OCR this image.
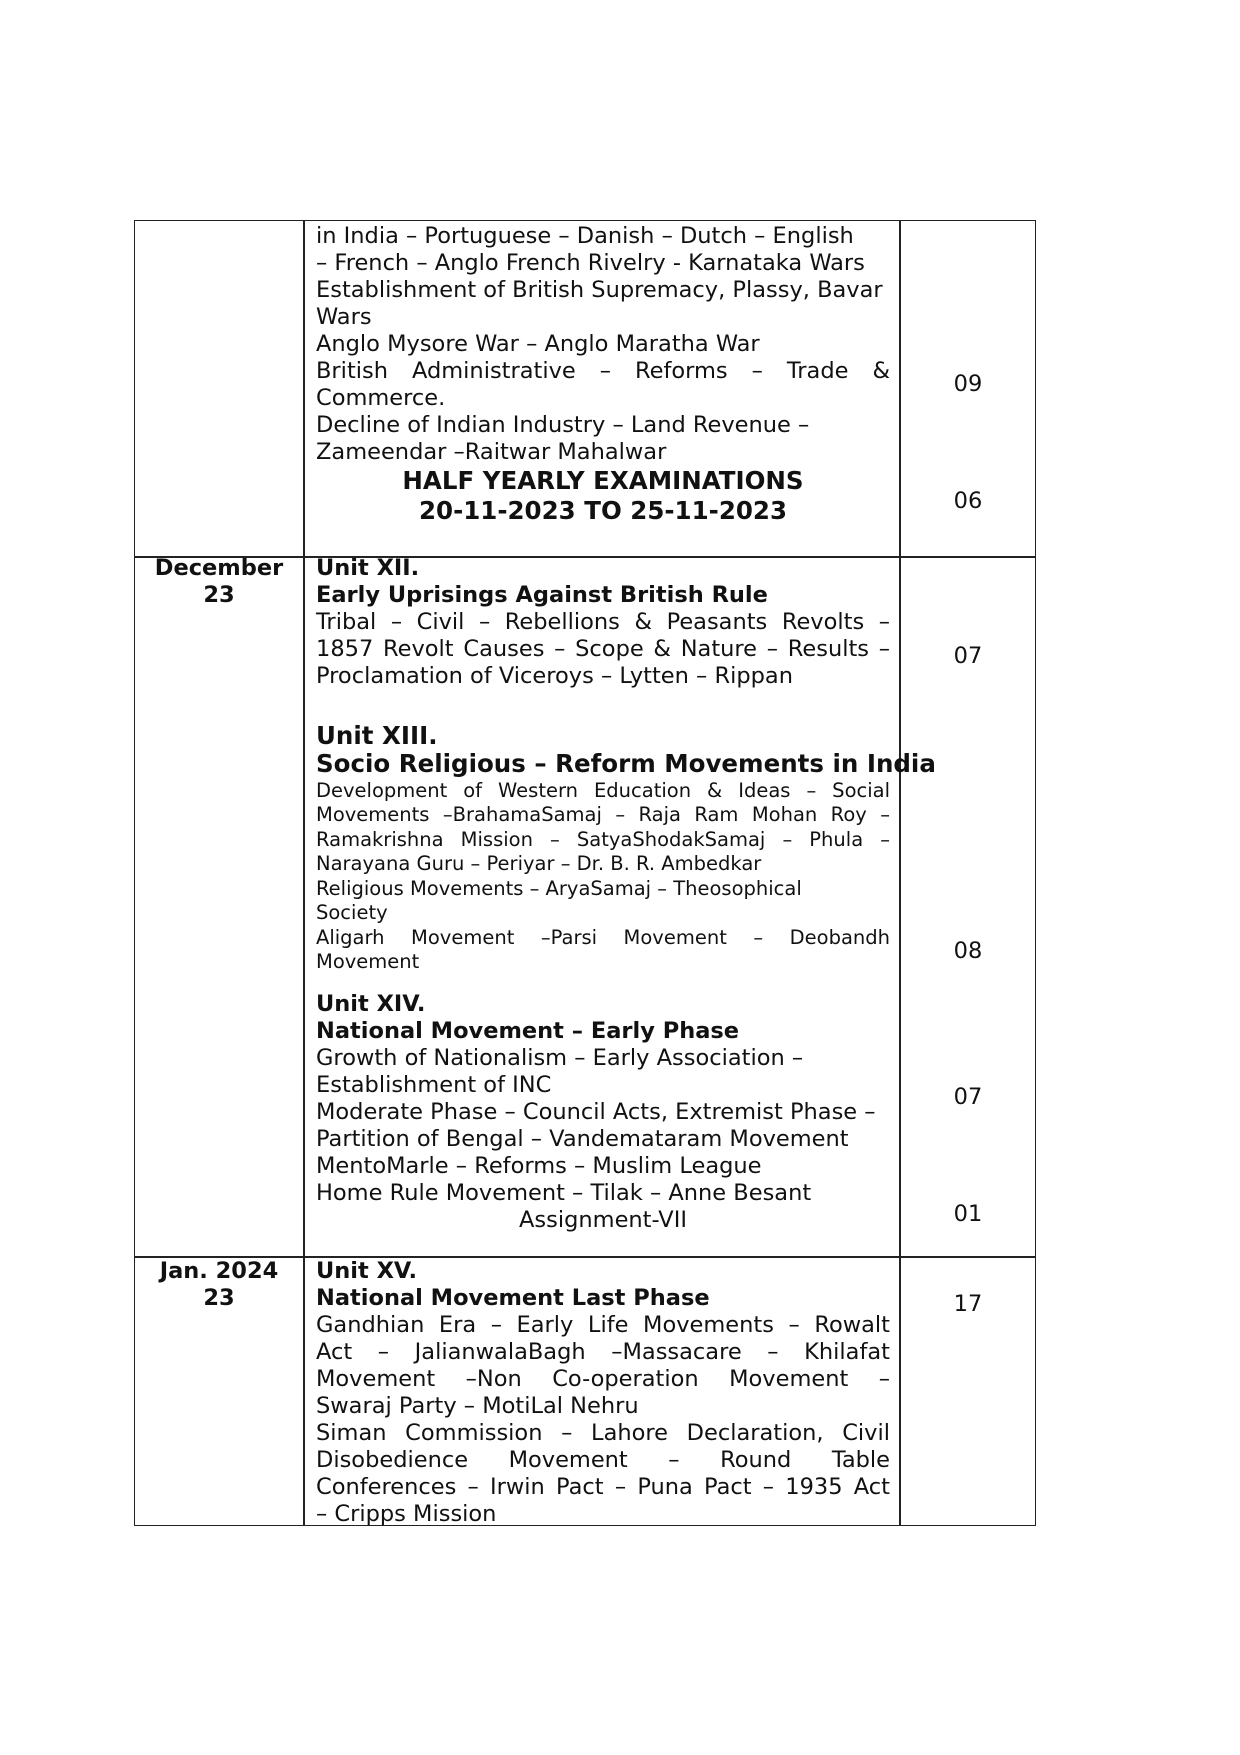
in India – Portuguese – Danish – Dutch – English

– French – Anglo French Rivelry - Karnataka Wars

Establishment of British Supremacy, Plassy, Bavar

Wars

Anglo Mysore War – Anglo Maratha War

British Administrative – Reforms – Trade &

Commerce.

Decline of Indian Industry – Land Revenue –

Zameendar –Raitwar Mahalwar

HALF YEARLY EXAMINATIONS

20-11-2023 TO 25-11-2023

09
06
December
23

Unit XII.

Early Uprisings Against British Rule

Tribal – Civil – Rebellions & Peasants Revolts –

1857 Revolt Causes – Scope & Nature – Results –

Proclamation of Viceroys – Lytten – Rippan

07

Unit XIII.

Socio Religious – Reform Movements in India

Development of Western Education & Ideas – Social

Movements –BrahamaSamaj – Raja Ram Mohan Roy –

Ramakrishna Mission – SatyaShodakSamaj – Phula –

Narayana Guru – Periyar – Dr. B. R. Ambedkar

Religious Movements – AryaSamaj – Theosophical

Society

Aligarh Movement –Parsi Movement – Deobandh

Movement	08

Unit XIV.

National Movement – Early Phase

Growth of Nationalism – Early Association –

Establishment of INC

Moderate Phase – Council Acts, Extremist Phase –

Partition of Bengal – Vandemataram Movement

MentoMarle – Reforms – Muslim League

Home Rule Movement – Tilak – Anne Besant

Assignment-VII

07
01
Jan. 2024
23

Unit XV.

National Movement Last Phase

Gandhian Era – Early Life Movements – Rowalt

Act – JalianwalaBagh –Massacare – Khilafat

Movement –Non Co-operation Movement –

Swaraj Party – MotiLal Nehru

Siman Commission – Lahore Declaration, Civil

Disobedience Movement – Round Table

Conferences – Irwin Pact – Puna Pact – 1935 Act

– Cripps Mission

17
